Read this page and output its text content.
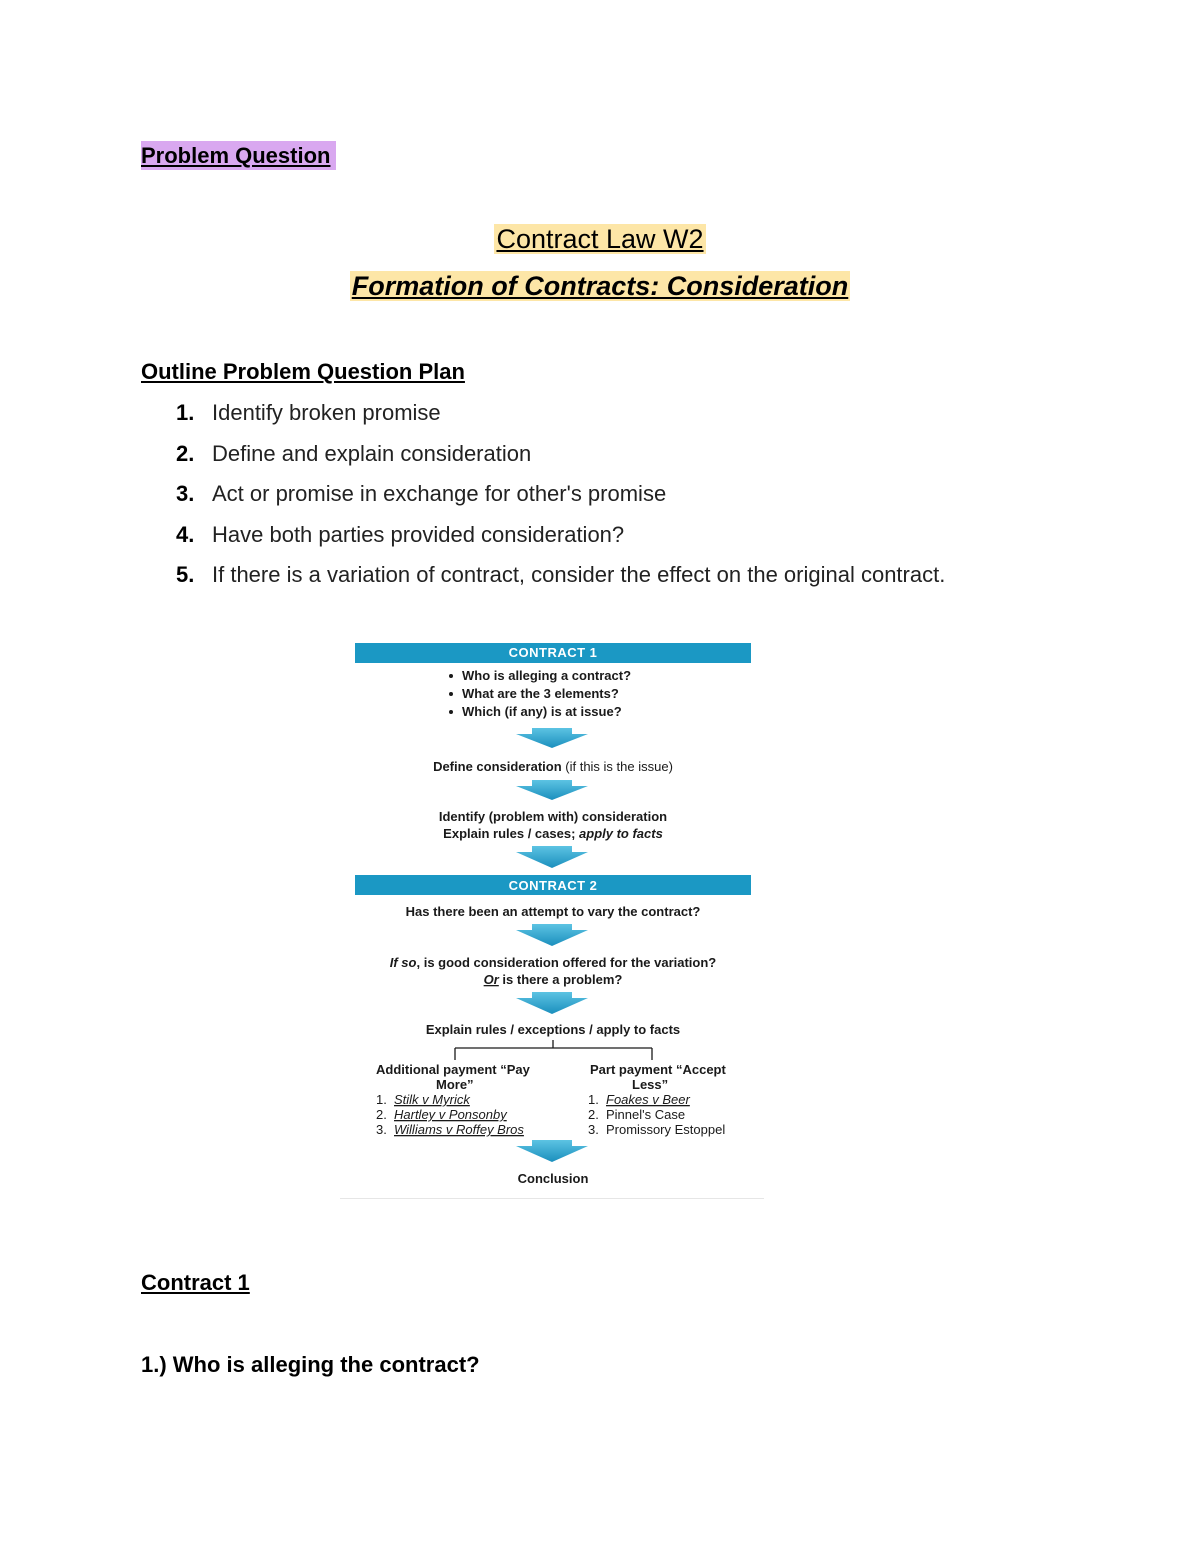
Problem Question
Contract Law W2
Formation of Contracts: Consideration
Outline Problem Question Plan
1. Identify broken promise
2. Define and explain consideration
3. Act or promise in exchange for other's promise
4. Have both parties provided consideration?
5. If there is a variation of contract, consider the effect on the original contract.
CONTRACT 1
Who is alleging a contract?
What are the 3 elements?
Which (if any) is at issue?
Define consideration (if this is the issue)
Identify (problem with) consideration
Explain rules / cases; apply to facts
CONTRACT 2
Has there been an attempt to vary the contract?
If so, is good consideration offered for the variation?
Or is there a problem?
Explain rules / exceptions / apply to facts
Additional payment “Pay
More”
1. Stilk v Myrick
2. Hartley v Ponsonby
3. Williams v Roffey Bros
Part payment “Accept
Less”
1. Foakes v Beer
2. Pinnel's Case
3. Promissory Estoppel
Conclusion
Contract 1
1.) Who is alleging the contract?
